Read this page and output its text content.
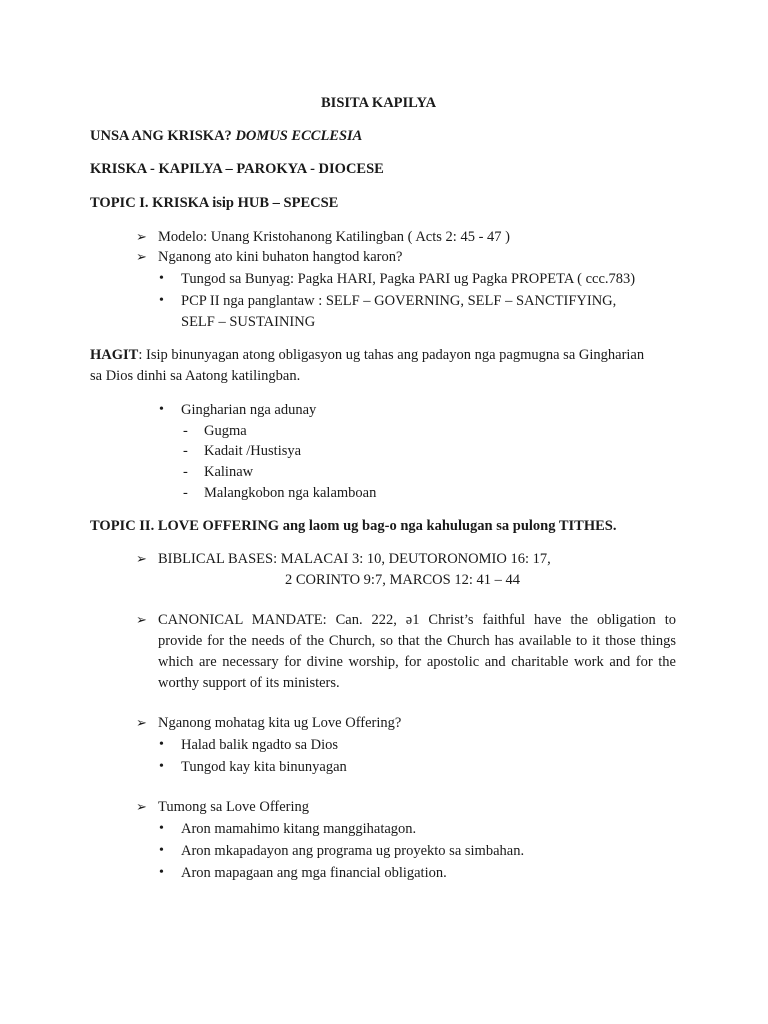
BISITA KAPILYA
UNSA ANG KRISKA? DOMUS ECCLESIA
KRISKA - KAPILYA – PAROKYA - DIOCESE
TOPIC I. KRISKA isip HUB – SPECSE
➢ Modelo: Unang Kristohanong Katilingban ( Acts 2: 45 - 47 )
➢ Nganong ato kini buhaton hangtod karon?
• Tungod sa Bunyag: Pagka HARI, Pagka PARI ug Pagka PROPETA ( ccc.783)
• PCP II nga panglantaw : SELF – GOVERNING, SELF – SANCTIFYING,
SELF – SUSTAINING
HAGIT: Isip binunyagan atong obligasyon ug tahas ang padayon nga pagmugna sa Gingharian
sa Dios dinhi sa Aatong katilingban.
• Gingharian nga adunay
- Gugma
- Kadait /Hustisya
- Kalinaw
- Malangkobon nga kalamboan
TOPIC II. LOVE OFFERING ang laom ug bag-o nga kahulugan sa pulong TITHES.
➢ BIBLICAL BASES: MALACAI 3: 10, DEUTORONOMIO 16: 17,
2 CORINTO 9:7, MARCOS 12: 41 – 44
➢ CANONICAL MANDATE: Can. 222, ә1 Christ’s faithful have the obligation to
provide for the needs of the Church, so that the Church has available to it those things
which are necessary for divine worship, for apostolic and charitable work and for the
worthy support of its ministers.
➢ Nganong mohatag kita ug Love Offering?
• Halad balik ngadto sa Dios
• Tungod kay kita binunyagan
➢ Tumong sa Love Offering
• Aron mamahimo kitang manggihatagon.
• Aron mkapadayon ang programa ug proyekto sa simbahan.
• Aron mapagaan ang mga financial obligation.
